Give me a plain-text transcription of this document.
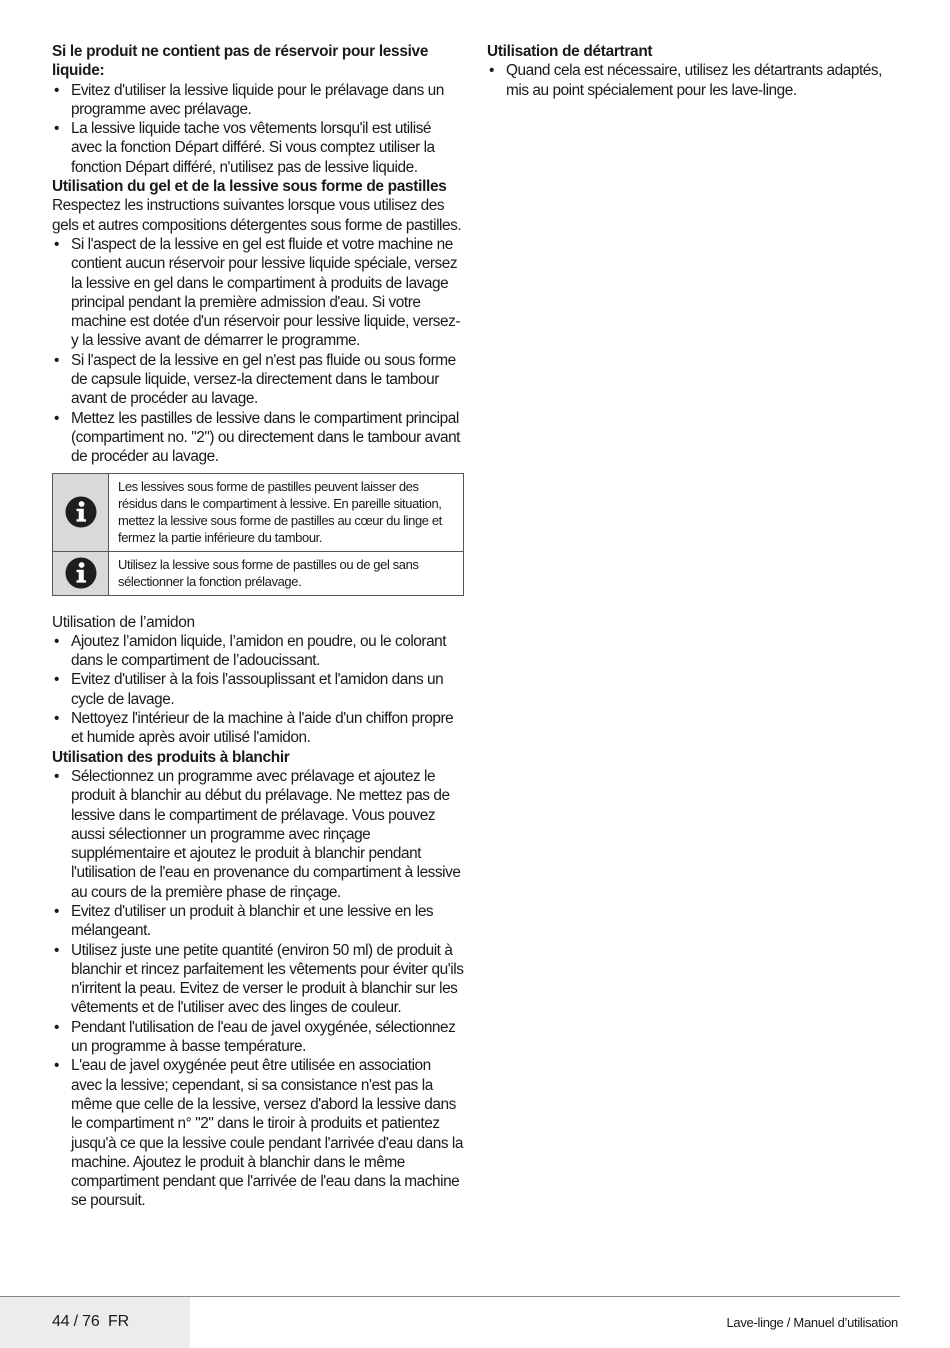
Si le produit ne contient pas de réservoir pour lessive liquide:
• Evitez d'utiliser la lessive liquide pour le prélavage dans un programme avec prélavage.
• La lessive liquide tache vos vêtements lorsqu'il est utilisé avec la fonction Départ différé. Si vous comptez utiliser la fonction Départ différé, n'utilisez pas de lessive liquide.
Utilisation du gel et de la lessive sous forme de pastilles

Respectez les instructions suivantes lorsque vous utilisez des gels et autres compositions détergentes sous forme de pastilles.

• Si l'aspect de la lessive en gel est fluide et votre machine ne contient aucun réservoir pour lessive liquide spéciale, versez la lessive en gel dans le compartiment à produits de lavage principal pendant la première admission d'eau. Si votre machine est dotée d'un réservoir pour lessive liquide, versez-y la lessive avant de démarrer le programme.
• Si l'aspect de la lessive en gel n'est pas fluide ou sous forme de capsule liquide, versez-la directement dans le tambour avant de procéder au lavage.
• Mettez les pastilles de lessive dans le compartiment principal (compartiment no. "2") ou directement dans le tambour avant de procéder au lavage.
Les lessives sous forme de pastilles peuvent laisser des résidus dans le compartiment à lessive. En pareille situation, mettez la lessive sous forme de pastilles au cœur du linge et fermez la partie inférieure du tambour.
Utilisez la lessive sous forme de pastilles ou de gel sans sélectionner la fonction prélavage.
Utilisation de l’amidon
• Ajoutez l’amidon liquide, l’amidon en poudre, ou le colorant dans le compartiment de l’adoucissant.
• Evitez d'utiliser à la fois l'assouplissant et l'amidon dans un cycle de lavage.
• Nettoyez l'intérieur de la machine à l'aide d'un chiffon propre et humide après avoir utilisé l'amidon.
Utilisation des produits à blanchir
• Sélectionnez un programme avec prélavage et ajoutez le produit à blanchir au début du prélavage. Ne mettez pas de lessive dans le compartiment de prélavage. Vous pouvez aussi sélectionner un programme avec rinçage supplémentaire et ajoutez le produit à blanchir pendant l'utilisation de l'eau en provenance du compartiment à lessive au cours de la première phase de rinçage.
• Evitez d'utiliser un produit à blanchir et une lessive en les mélangeant.
• Utilisez juste une petite quantité (environ 50 ml) de produit à blanchir et rincez parfaitement les vêtements pour éviter qu'ils n'irritent la peau. Evitez de verser le produit à blanchir sur les vêtements et de l'utiliser avec des linges de couleur.
• Pendant l'utilisation de l'eau de javel oxygénée, sélectionnez un programme à basse température.
• L'eau de javel oxygénée peut être utilisée en association avec la lessive; cependant, si sa consistance n'est pas la même que celle de la lessive, versez d'abord la lessive dans le compartiment n° "2" dans le tiroir à produits et patientez jusqu'à ce que la lessive coule pendant l'arrivée d'eau dans la machine. Ajoutez le produit à blanchir dans le même compartiment pendant que l'arrivée de l'eau dans la machine se poursuit.
Utilisation de détartrant
• Quand cela est nécessaire, utilisez les détartrants adaptés, mis au point spécialement pour les lave-linge.
44 / 76  FR	Lave-linge / Manuel d’utilisation
